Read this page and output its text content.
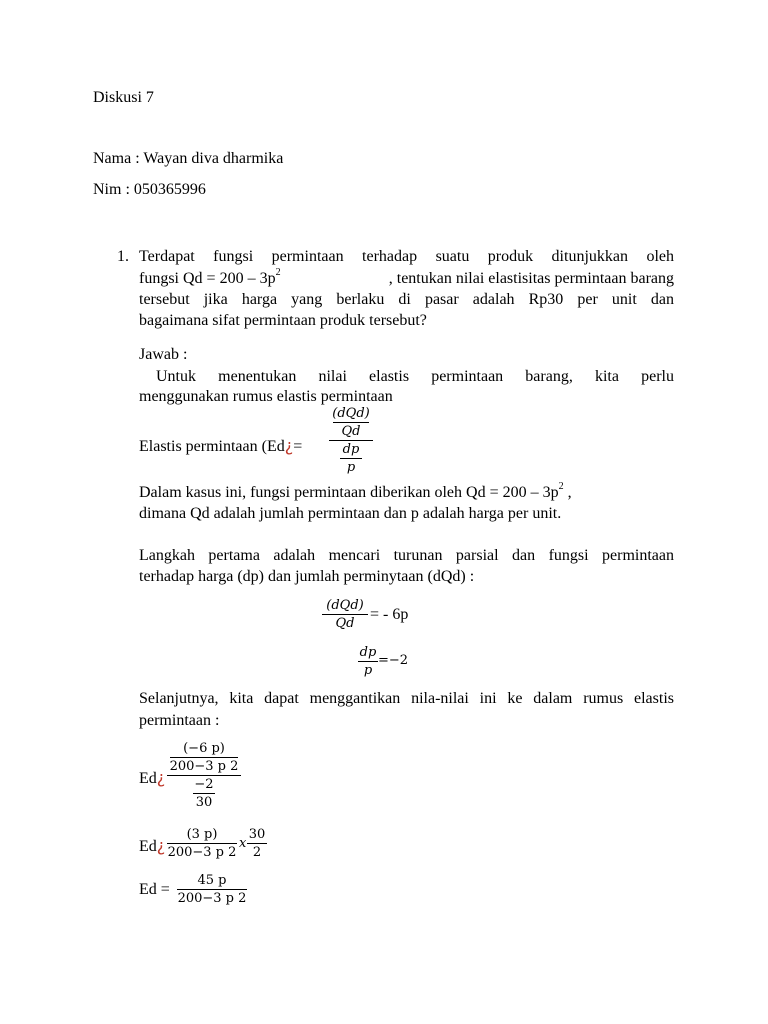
Diskusi 7
Nama : Wayan diva dharmika
Nim : 050365996
1. Terdapat fungsi permintaan terhadap suatu produk ditunjukkan oleh
fungsi $Qd = 200 - 3p^2$	, tentukan nilai elastisitas permintaan barang
tersebut jika harga yang berlaku di pasar adalah Rp30 per unit dan
bagaimana sifat permintaan produk tersebut?
Jawab :
Untuk menentukan nilai elastis permintaan barang, kita perlu
menggunakan rumus elastis permintaan
Elastis permintaan (Ed¿=
(dQd)
Qd
dp
p
Dalam kasus ini, fungsi permintaan diberikan oleh $Qd = 200 - 3p^2$ ,
dimana Qd adalah jumlah permintaan dan p adalah harga per unit.
Langkah pertama adalah mencari turunan parsial dan fungsi permintaan
terhadap harga (dp) dan jumlah perminytaan (dQd) :
(dQd)
Qd
= - 6p
dp
p
=−2
Selanjutnya, kita dapat menggantikan nila-nilai ini ke dalam rumus elastis
permintaan :
Ed¿
(−6 p)
200−3 p 2
−2
30
Ed¿
(3 p)
200−3 p 2
x
30
2
Ed =
45 p
200−3 p 2
